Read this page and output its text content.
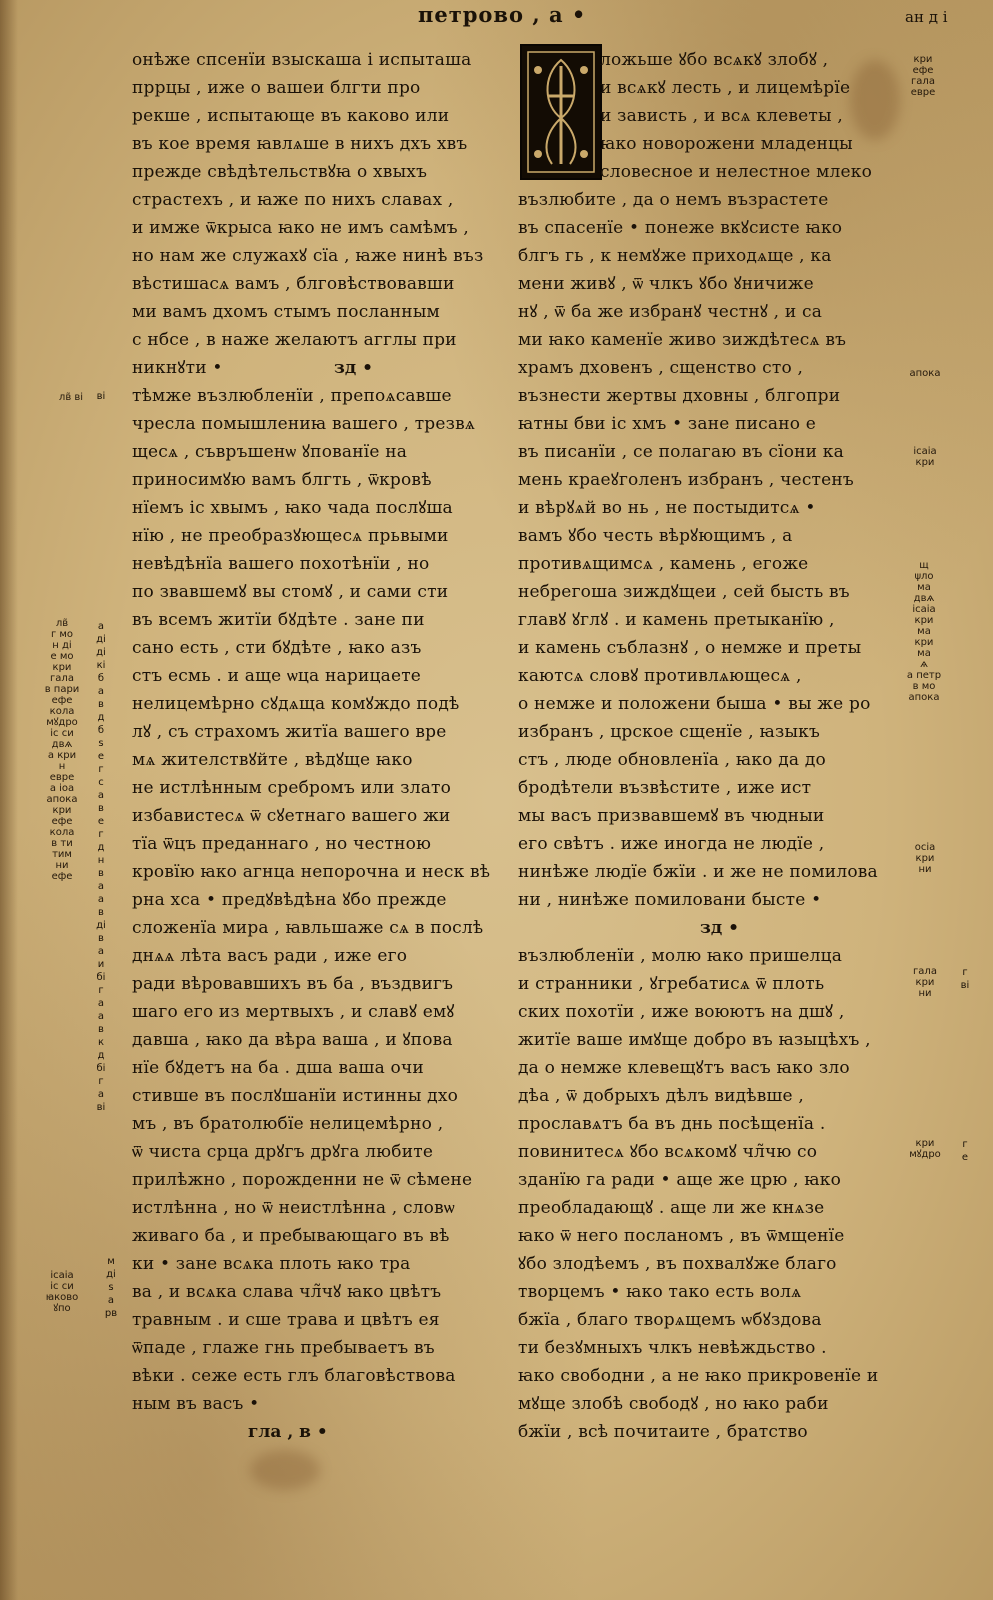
петрово , а •	ан д і
онѣже спсенїи взыскаша і испыташа
пррцы , иже о вашеи блгти про
рекше , испытающе въ каково или
въ кое время ꙗвлѧше в нихъ дхъ хвъ
прежде свѣдѣтельствꙋꙗ о хвыхъ
страстехъ , и ꙗже по нихъ славах ,
и имже ѿкрыса ꙗко не имъ самѣмъ ,
но нам же служахꙋ сїа , ꙗже нинѣ въз
вѣстишасѧ вамъ , блговѣствовавши
ми вамъ дхомъ стымъ посланным
с нбсе , в наже желаютъ агглы при
никнꙋти •
тѣмже възлюбленїи , препоѧсавше
чресла помышлениꙗ вашего , трезвѧ
щесѧ , съвръшенѡ ꙋпованїе на
приносимꙋю вамъ блгть , ѿкровѣ
нїемъ іс хвымъ , ꙗко чада послꙋша
нїю , не преобразꙋющесѧ прьвыми
невѣдѣнїа вашего похотѣнїи , но
по звавшемꙋ вы стомꙋ , и сами сти
въ всемъ житїи бꙋдѣте . зане пи
сано есть , сти бꙋдѣте , ꙗко азъ
стъ есмь . и аще ѡца нарицаете
нелицемѣрно сꙋдѧща комꙋждо подѣ
лꙋ , съ страхомъ житїа вашего вре
мѧ жителствꙋйте , вѣдꙋще ꙗко
не истлѣнным сребромъ или злато
избавистесѧ ѿ сꙋетнаго вашего жи
тїа ѿцъ преданнаго , но честною
кровїю ꙗко агнца непорочна и неск вѣ
рна хса • предꙋвѣдѣна ꙋбо прежде
сложенїа мира , ꙗвльшаже сѧ в послѣ
днѧѧ лѣта васъ ради , иже его
ради вѣровавшихъ въ ба , въздвигъ
шаго его из мертвыхъ , и славꙋ емꙋ
давша , ꙗко да вѣра ваша , и ꙋпова
нїе бꙋдетъ на ба . дша ваша очи
стивше въ послꙋшанїи истинны дхо
мъ , въ братолюбїе нелицемѣрно ,
ѿ чиста срца дрꙋгъ дрꙋга любите
прилѣжно , порожденни не ѿ сѣмене
истлѣнна , но ѿ неистлѣнна , словѡ
живаго ба , и пребывающаго въ вѣ
ки • зане всѧка плоть ꙗко тра
ва , и всѧка слава чл̃чꙋ ꙗко цвѣтъ
травным . и сше трава и цвѣтъ ея
ѿпаде , глаже гнь пребываетъ въ
вѣки . сеже есть глъ благовѣствова
ным въ васъ •
зд •
гла , в •
ложьше ꙋбо всѧкꙋ злобꙋ ,
и всѧкꙋ лесть , и лицемѣрїе
и зависть , и всѧ клеветы ,
ꙗко новорожени младенцы
словесное и нелестное млеко
възлюбите , да о немъ възрастете
въ спасенїе • понеже вкꙋсисте ꙗко
блгъ гь , к немꙋже приходѧще , ка
мени живꙋ , ѿ члкъ ꙋбо ꙋничиже
нꙋ , ѿ ба же избранꙋ честнꙋ , и са
ми ꙗко каменїе живо зиждѣтесѧ въ
храмъ дховенъ , сщенство сто ,
възнести жертвы дховны , блгопри
ꙗтны бви іс хмъ • зане писано е
въ писанїи , се полагаю въ сїони ка
мень краеꙋголенъ избранъ , честенъ
и вѣрꙋѧй во нь , не постыдитсѧ •
вамъ ꙋбо честь вѣрꙋющимъ , а
противѧщимсѧ , камень , егоже
небрегоша зиждꙋщеи , сей бысть въ
главꙋ ꙋглꙋ . и камень претыканїю ,
и камень съблазнꙋ , о немже и преты
каютсѧ словꙋ противлѧющесѧ ,
о немже и положени быша • вы же ро
избранъ , црское сщенїе , ꙗзыкъ
стъ , люде обновленїа , ꙗко да до
бродѣтели възвѣстите , иже ист
мы васъ призвавшемꙋ въ чюдныи
его свѣтъ . иже иногда не людїе ,
нинѣже людїе бжїи . и же не помилова
ни , нинѣже помиловани бысте •
възлюбленїи , молю ꙗко пришелца
и странники , ꙋгребатисѧ ѿ плоть
ских похотїи , иже воюютъ на дшꙋ ,
житїе ваше имꙋще добро въ ꙗзыцѣхъ ,
да о немже клевещꙋтъ васъ ꙗко зло
дѣа , ѿ добрыхъ дѣлъ видѣвше ,
прославѧтъ ба въ днь посѣщенїа .
повинитесѧ ꙋбо всѧкомꙋ чл̃чю со
зданїю га ради • аще же црю , ꙗко
преобладающꙋ . аще ли же кнѧзе
ꙗко ѿ него посланомъ , въ ѿмщенїе
ꙋбо злодѣемъ , въ похвалꙋже благо
творцемъ • ꙗко тако есть волѧ
бжїа , благо творѧщемъ ѡбꙋздова
ти безꙋмныхъ члкъ невѣждьство .
ꙗко свободни , а не ꙗко прикровенїе и
мꙋще злобѣ свободꙋ , но ꙗко раби
бжїи , всѣ почитаите , братство
зд •
лв̃ ві
лв̃
г мо
н ді
е мо
кри
гала
в пари
ефе
кола
мꙋдро
іс си
двѧ
а кри
н
евре
а іоа
апока
кри
ефе
кола
в ти
тим
ни
ефе
ісаіа
іс си
ꙗково
ꙋпо
ві
а
ді
ді
кі
б
а
в
д
б
ѕ
е
г
с
а
в
е
г
д
н
в
а
а
в
ді
в
а
и
бі
г
а
а
в
к
д
бі
г
а
ві
м
ді
ѕ
а
рв
кри
ефе
гала
евре
апока
ісаіа
кри
щ
ψло
ма
двѧ
ісаіа
кри
ма
кри
ма
ѧ
а петр
в мо
апока
осіа
кри
ни
гала
кри
ни
кри
мꙋдро
г
ві
г
е
